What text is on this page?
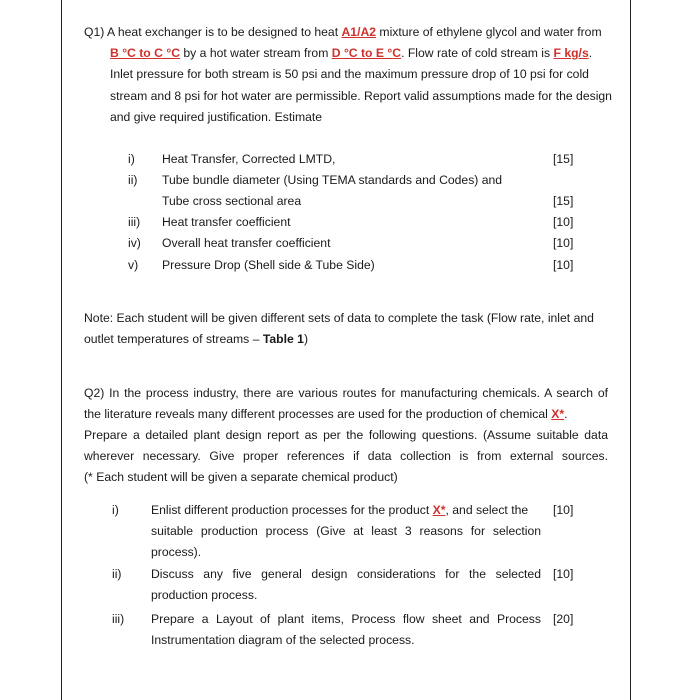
Q1) A heat exchanger is to be designed to heat A1/A2 mixture of ethylene glycol and water from
B °C to C °C by a hot water stream from D °C to E °C. Flow rate of cold stream is F kg/s.
Inlet pressure for both stream is 50 psi and the maximum pressure drop of 10 psi for cold
stream and 8 psi for hot water are permissible. Report valid assumptions made for the design
and give required justification. Estimate
i) Heat Transfer, Corrected LMTD,	[15]
ii) Tube bundle diameter (Using TEMA standards and Codes) and
Tube cross sectional area	[15]
iii) Heat transfer coefficient	[10]
iv) Overall heat transfer coefficient	[10]
v) Pressure Drop (Shell side & Tube Side)	[10]
Note: Each student will be given different sets of data to complete the task (Flow rate, inlet and
outlet temperatures of streams – Table 1)
Q2) In the process industry, there are various routes for manufacturing chemicals. A search of
the literature reveals many different processes are used for the production of chemical X*.
Prepare a detailed plant design report as per the following questions. (Assume suitable data
wherever necessary. Give proper references if data collection is from external sources.
(* Each student will be given a separate chemical product)
i)	Enlist different production processes for the product X*, and select the [10]
suitable production process (Give at least 3 reasons for selection
process).
ii) Discuss any five general design considerations for the selected [10]
production process.
iii) Prepare a Layout of plant items, Process flow sheet and Process [20]
Instrumentation diagram of the selected process.
